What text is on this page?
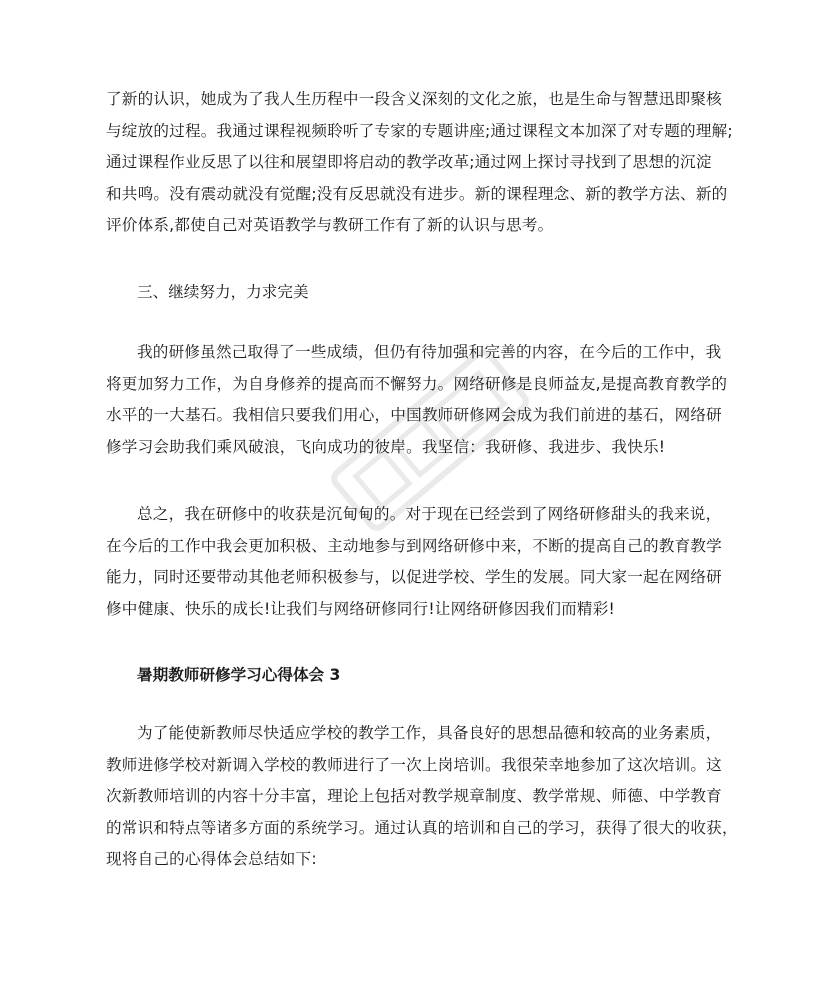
了新的认识，她成为了我人生历程中一段含义深刻的文化之旅，也是生命与智慧迅即聚核
与绽放的过程。我通过课程视频聆听了专家的专题讲座;通过课程文本加深了对专题的理解;
通过课程作业反思了以往和展望即将启动的教学改革;通过网上探讨寻找到了思想的沉淀
和共鸣。没有震动就没有觉醒;没有反思就没有进步。新的课程理念、新的教学方法、新的
评价体系,都使自己对英语教学与教研工作有了新的认识与思考。
三、继续努力，力求完美
我的研修虽然己取得了一些成绩，但仍有待加强和完善的内容，在今后的工作中，我
将更加努力工作，为自身修养的提高而不懈努力。网络研修是良师益友,是提高教育教学的
水平的一大基石。我相信只要我们用心，中国教师研修网会成为我们前进的基石，网络研
修学习会助我们乘风破浪，飞向成功的彼岸。我坚信：我研修、我进步、我快乐!
总之，我在研修中的收获是沉甸甸的。对于现在已经尝到了网络研修甜头的我来说，
在今后的工作中我会更加积极、主动地参与到网络研修中来，不断的提高自己的教育教学
能力，同时还要带动其他老师积极参与，以促进学校、学生的发展。同大家一起在网络研
修中健康、快乐的成长!让我们与网络研修同行!让网络研修因我们而精彩!
暑期教师研修学习心得体会 3
为了能使新教师尽快适应学校的教学工作，具备良好的思想品德和较高的业务素质，
教师进修学校对新调入学校的教师进行了一次上岗培训。我很荣幸地参加了这次培训。这
次新教师培训的内容十分丰富，理论上包括对教学规章制度、教学常规、师德、中学教育
的常识和特点等诸多方面的系统学习。通过认真的培训和自己的学习，获得了很大的收获，
现将自己的心得体会总结如下:
